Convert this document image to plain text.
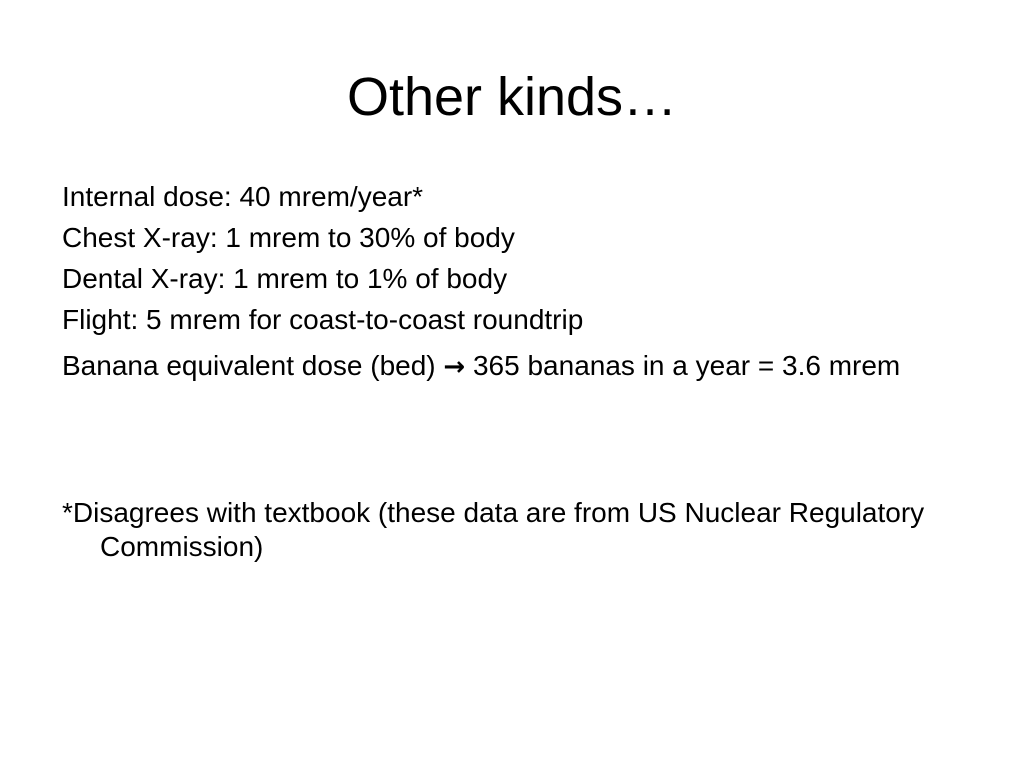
Other kinds…

Internal dose: 40 mrem/year*

Chest X-ray: 1 mrem to 30% of body

Dental X-ray: 1 mrem to 1% of body

Flight: 5 mrem for coast-to-coast roundtrip

Banana equivalent dose (bed) → 365 bananas in a year = 3.6 mrem

*Disagrees with textbook (these data are from US Nuclear Regulatory Commission)
